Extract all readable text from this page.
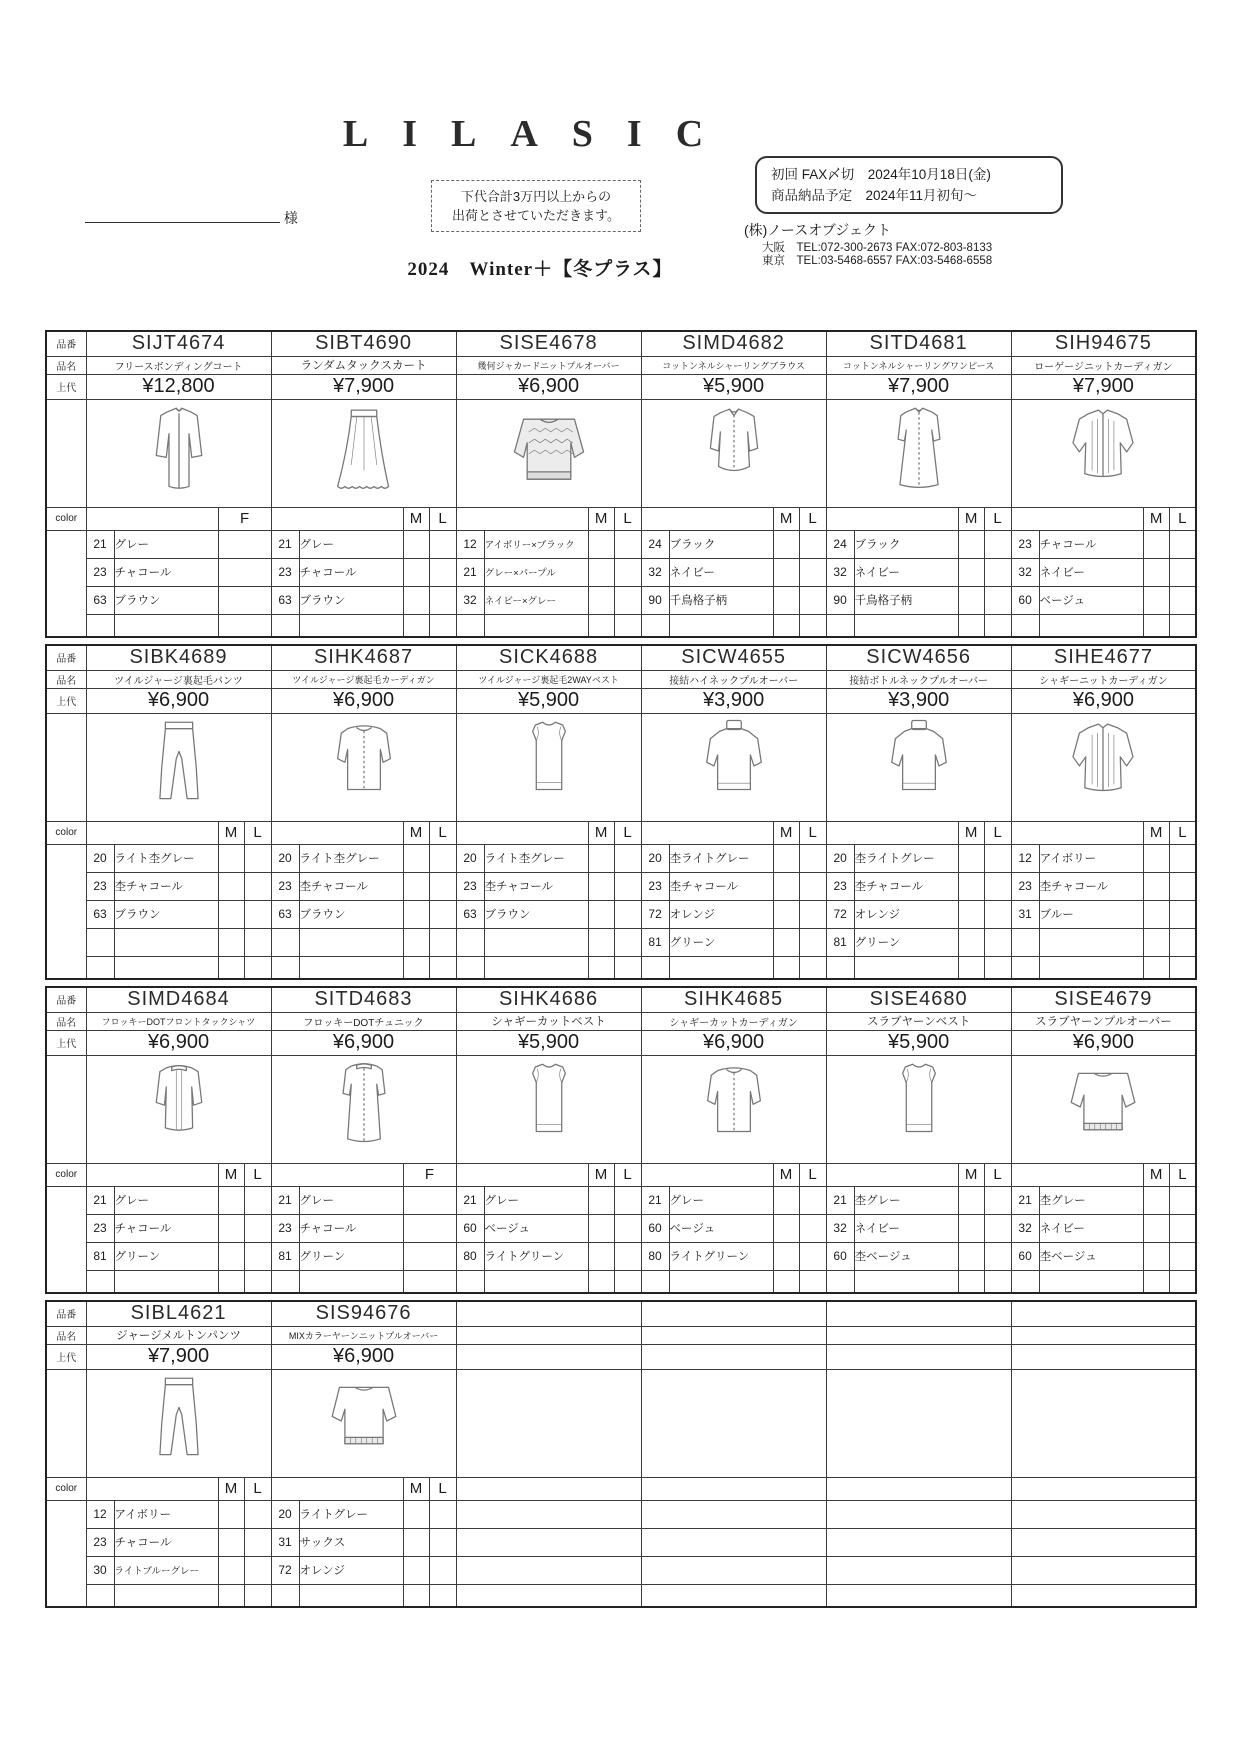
LILASIC
下代合計3万円以上からの
出荷とさせていただきます。
初回 FAX〆切　2024年10月18日(金)
商品納品予定　2024年11月初旬～
様
(株)ノースオブジェクト
大阪　TEL:072-300-2673 FAX:072-803-8133
東京　TEL:03-5468-6557 FAX:03-5468-6558
2024　Winter＋【冬プラス】
品番	SIJT4674			SIBT4690				SISE4678				SIMD4682				SITD4681				SIH94675			
品名	フリースボンディングコート			ランダムタックスカート				幾何ジャカードニットプルオーバー				コットンネルシャーリングブラウス				コットンネルシャーリングワンピース				ローゲージニットカーディガン			
上代	¥12,800			¥7,900				¥6,900				¥5,900				¥7,900				¥7,900			

color			F			M	L			M	L			M	L			M	L			M	L
	21	グレー		21	グレー			12	アイボリー×ブラック			24	ブラック			24	ブラック			23	チャコール		
	23	チャコール		23	チャコール			21	グレー×パープル			32	ネイビー			32	ネイビー			32	ネイビー		
	63	ブラウン		63	ブラウン			32	ネイビー×グレー			90	千鳥格子柄			90	千鳥格子柄			60	ベージュ		

品番	SIBK4689				SIHK4687				SICK4688				SICW4655				SICW4656				SIHE4677			
品名	ツイルジャージ裏起毛パンツ				ツイルジャージ裏起毛カーディガン				ツイルジャージ裏起毛2WAYベスト				接結ハイネックプルオーバー				接結ボトルネックプルオーバー				シャギーニットカーディガン			
上代	¥6,900				¥6,900				¥5,900				¥3,900				¥3,900				¥6,900			

color			M	L			M	L			M	L			M	L			M	L			M	L
	20	ライト杢グレー			20	ライト杢グレー			20	ライト杢グレー			20	杢ライトグレー			20	杢ライトグレー			12	アイボリー		
	23	杢チャコール			23	杢チャコール			23	杢チャコール			23	杢チャコール			23	杢チャコール			23	杢チャコール		
	63	ブラウン			63	ブラウン			63	ブラウン			72	オレンジ			72	オレンジ			31	ブルー		
													81	グリーン			81	グリーン						

品番	SIMD4684				SITD4683			SIHK4686				SIHK4685				SISE4680				SISE4679			
品名	フロッキーDOTフロントタックシャツ				フロッキーDOTチュニック			シャギーカットベスト				シャギーカットカーディガン				スラブヤーンベスト				スラブヤーンプルオーバー			
上代	¥6,900				¥6,900			¥5,900				¥6,900				¥5,900				¥6,900			

color			M	L			F			M	L			M	L			M	L			M	L
	21	グレー			21	グレー		21	グレー			21	グレー			21	杢グレー			21	杢グレー		
	23	チャコール			23	チャコール		60	ベージュ			60	ベージュ			32	ネイビー			32	ネイビー		
	81	グリーン			81	グリーン		80	ライトグリーン			80	ライトグリーン			60	杢ベージュ			60	杢ベージュ		

品番	SIBL4621				SIS94676							
品名	ジャージメルトンパンツ				MIXカラーヤーンニットプルオーバー							
上代	¥7,900				¥6,900							

color			M	L			M	L				
	12	アイボリー			20	ライトグレー						
	23	チャコール			31	サックス						
	30	ライトブルーグレー			72	オレンジ						
